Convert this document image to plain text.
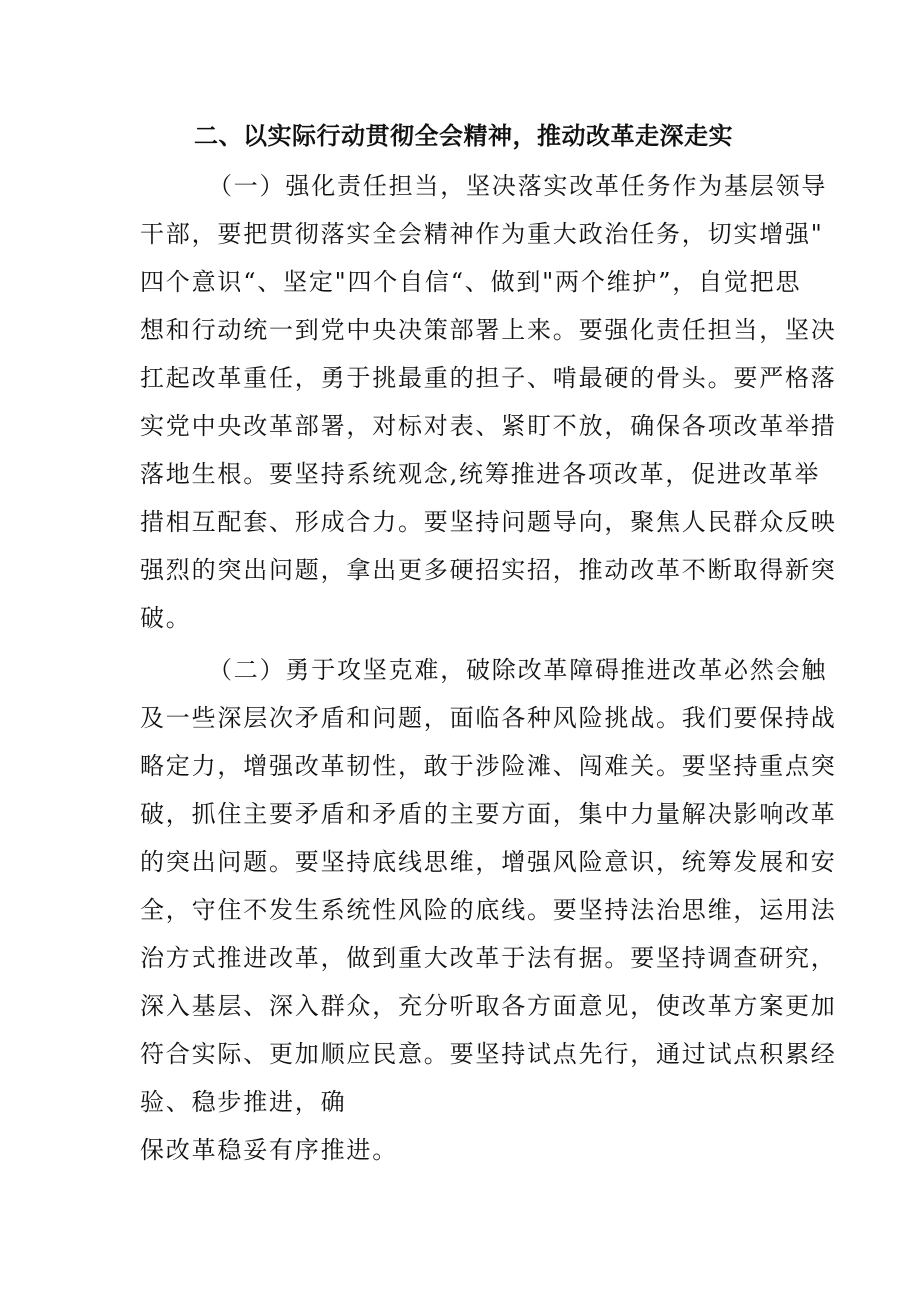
二、以实际行动贯彻全会精神，推动改革走深走实
（一）强化责任担当，坚决落实改革任务作为基层领导
干部，要把贯彻落实全会精神作为重大政治任务，切实增强"
四个意识“、坚定"四个自信“、做到"两个维护”，自觉把思
想和行动统一到党中央决策部署上来。要强化责任担当，坚决
扛起改革重任，勇于挑最重的担子、啃最硬的骨头。要严格落
实党中央改革部署，对标对表、紧盯不放，确保各项改革举措
落地生根。要坚持系统观念,统筹推进各项改革，促进改革举
措相互配套、形成合力。要坚持问题导向，聚焦人民群众反映
强烈的突出问题，拿出更多硬招实招，推动改革不断取得新突
破。
（二）勇于攻坚克难，破除改革障碍推进改革必然会触
及一些深层次矛盾和问题，面临各种风险挑战。我们要保持战
略定力，增强改革韧性，敢于涉险滩、闯难关。要坚持重点突
破，抓住主要矛盾和矛盾的主要方面，集中力量解决影响改革
的突出问题。要坚持底线思维，增强风险意识，统筹发展和安
全，守住不发生系统性风险的底线。要坚持法治思维，运用法
治方式推进改革，做到重大改革于法有据。要坚持调查研究，
深入基层、深入群众，充分听取各方面意见，使改革方案更加
符合实际、更加顺应民意。要坚持试点先行，通过试点积累经
验、稳步推进，确
保改革稳妥有序推进。
